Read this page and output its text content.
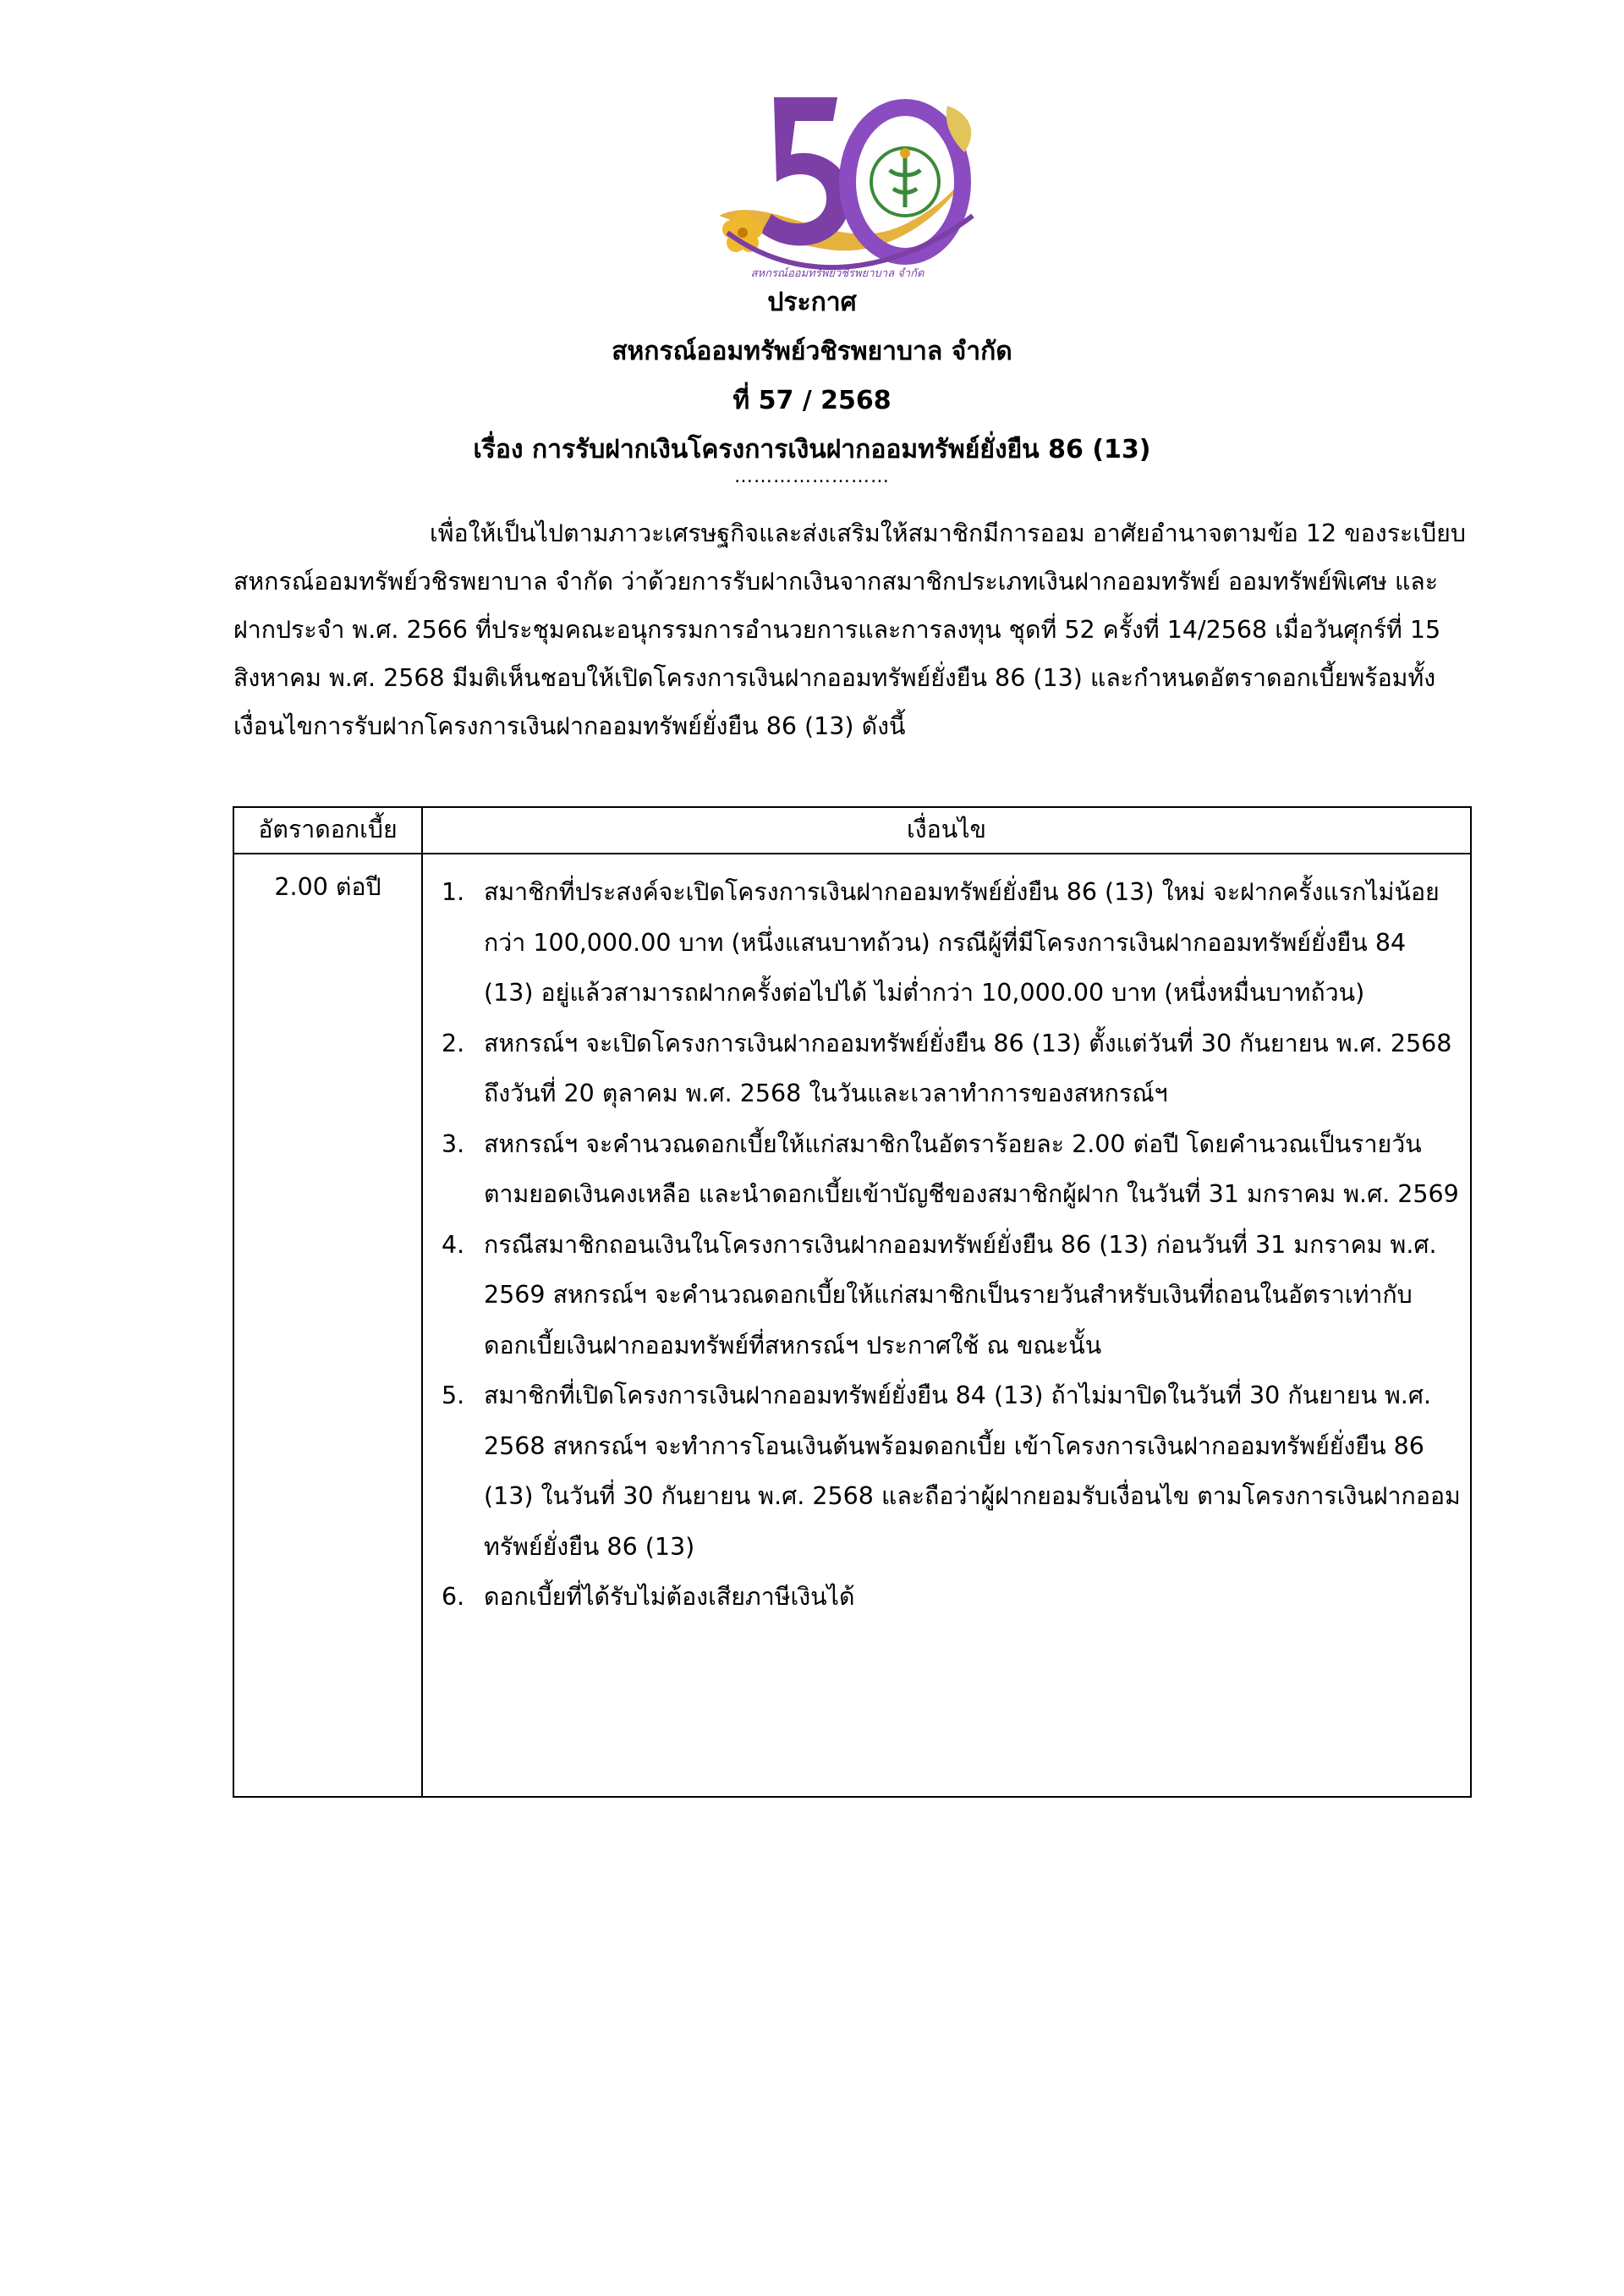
สหกรณ์ออมทรัพย์วชิรพยาบาล จำกัด
ประกาศ
สหกรณ์ออมทรัพย์วชิรพยาบาล จำกัด
ที่ 57 / 2568
เรื่อง การรับฝากเงินโครงการเงินฝากออมทรัพย์ยั่งยืน 86 (13)
……………………
เพื่อให้เป็นไปตามภาวะเศรษฐกิจและส่งเสริมให้สมาชิกมีการออม อาศัยอำนาจตามข้อ 12 ของระเบียบสหกรณ์ออมทรัพย์วชิรพยาบาล จำกัด ว่าด้วยการรับฝากเงินจากสมาชิกประเภทเงินฝากออมทรัพย์ ออมทรัพย์พิเศษ และฝากประจำ พ.ศ. 2566 ที่ประชุมคณะอนุกรรมการอำนวยการและการลงทุน ชุดที่ 52 ครั้งที่ 14/2568 เมื่อวันศุกร์ที่ 15 สิงหาคม พ.ศ. 2568 มีมติเห็นชอบให้เปิดโครงการเงินฝากออมทรัพย์ยั่งยืน 86 (13) และกำหนดอัตราดอกเบี้ยพร้อมทั้งเงื่อนไขการรับฝากโครงการเงินฝากออมทรัพย์ยั่งยืน 86 (13) ดังนี้
อัตราดอกเบี้ย	เงื่อนไข
2.00 ต่อปี	1. สมาชิกที่ประสงค์จะเปิดโครงการเงินฝากออมทรัพย์ยั่งยืน 86 (13) ใหม่ จะฝากครั้งแรกไม่น้อยกว่า 100,000.00 บาท (หนึ่งแสนบาทถ้วน) กรณีผู้ที่มีโครงการเงินฝากออมทรัพย์ยั่งยืน 84 (13) อยู่แล้วสามารถฝากครั้งต่อไปได้ ไม่ต่ำกว่า 10,000.00 บาท (หนึ่งหมื่นบาทถ้วน)
2. สหกรณ์ฯ จะเปิดโครงการเงินฝากออมทรัพย์ยั่งยืน 86 (13) ตั้งแต่วันที่ 30 กันยายน พ.ศ. 2568 ถึงวันที่ 20 ตุลาคม พ.ศ. 2568 ในวันและเวลาทำการของสหกรณ์ฯ
3. สหกรณ์ฯ จะคำนวณดอกเบี้ยให้แก่สมาชิกในอัตราร้อยละ 2.00 ต่อปี โดยคำนวณเป็นรายวันตามยอดเงินคงเหลือ และนำดอกเบี้ยเข้าบัญชีของสมาชิกผู้ฝาก ในวันที่ 31 มกราคม พ.ศ. 2569
4. กรณีสมาชิกถอนเงินในโครงการเงินฝากออมทรัพย์ยั่งยืน 86 (13) ก่อนวันที่ 31 มกราคม พ.ศ. 2569 สหกรณ์ฯ จะคำนวณดอกเบี้ยให้แก่สมาชิกเป็นรายวันสำหรับเงินที่ถอนในอัตราเท่ากับดอกเบี้ยเงินฝากออมทรัพย์ที่สหกรณ์ฯ ประกาศใช้ ณ ขณะนั้น
5. สมาชิกที่เปิดโครงการเงินฝากออมทรัพย์ยั่งยืน 84 (13) ถ้าไม่มาปิดในวันที่ 30 กันยายน พ.ศ. 2568 สหกรณ์ฯ จะทำการโอนเงินต้นพร้อมดอกเบี้ย เข้าโครงการเงินฝากออมทรัพย์ยั่งยืน 86 (13) ในวันที่ 30 กันยายน พ.ศ. 2568 และถือว่าผู้ฝากยอมรับเงื่อนไข ตามโครงการเงินฝากออมทรัพย์ยั่งยืน 86 (13)
6. ดอกเบี้ยที่ได้รับไม่ต้องเสียภาษีเงินได้
